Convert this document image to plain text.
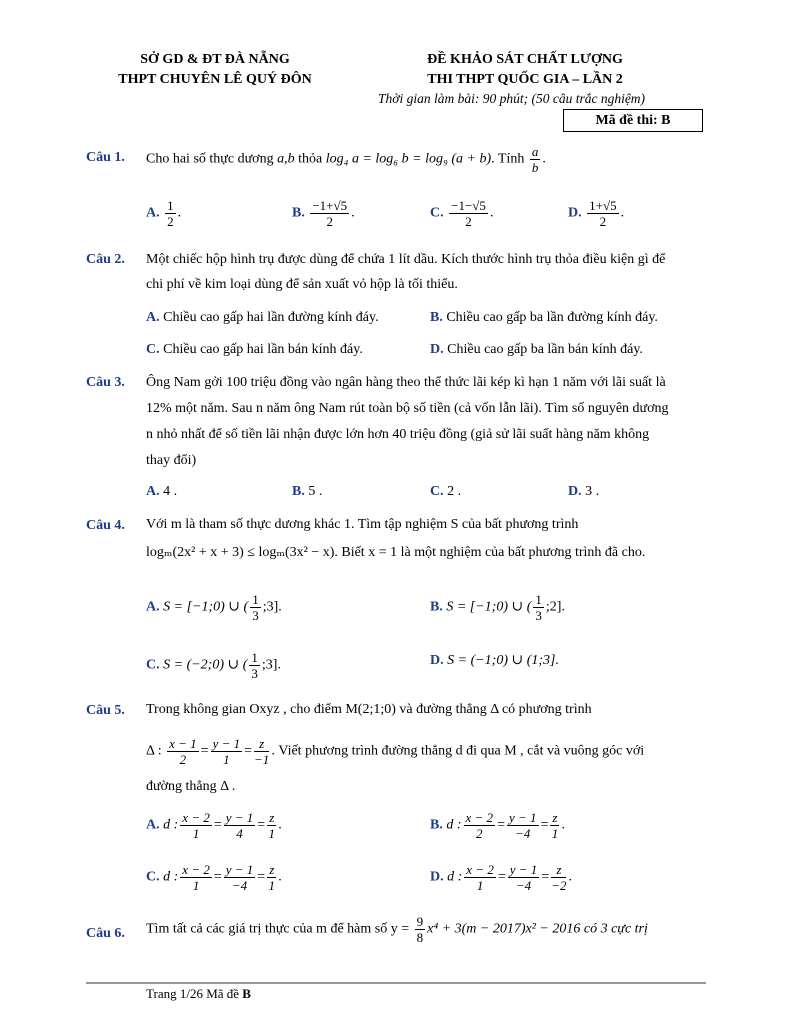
SỞ GD & ĐT ĐÀ NẴNG
THPT CHUYÊN LÊ QUÝ ĐÔN
ĐỀ KHẢO SÁT CHẤT LƯỢNG
THI THPT QUỐC GIA – LẦN 2
Thời gian làm bài: 90 phút; (50 câu trắc nghiệm)
Mã đề thi: B
Câu 1. Cho hai số thực dương a,b thỏa log₄ a = log₆ b = log₉ (a + b). Tính $\frac{a}{b}$ .
A. $\frac{1}{2}$ .	B. $\frac{-1+√5}{2}$ .	C. $\frac{-1-√5}{2}$ .	D. $\frac{1+√5}{2}$ .
Câu 2. Một chiếc hộp hình trụ được dùng để chứa 1 lít dầu. Kích thước hình trụ thỏa điều kiện gì để
chi phí về kim loại dùng để sản xuất vỏ hộp là tối thiểu.
A. Chiều cao gấp hai lần đường kính đáy.	B. Chiều cao gấp ba lần đường kính đáy.
C. Chiều cao gấp hai lần bán kính đáy.	D. Chiều cao gấp ba lần bán kính đáy.
Câu 3. Ông Nam gởi 100 triệu đồng vào ngân hàng theo thể thức lãi kép kì hạn 1 năm với lãi suất là
12% một năm. Sau n năm ông Nam rút toàn bộ số tiền (cả vốn lẫn lãi). Tìm số nguyên dương
n nhỏ nhất để số tiền lãi nhận được lớn hơn 40 triệu đồng (giả sử lãi suất hàng năm không
thay đổi)
A. 4 .	B. 5 .	C. 2 .	D. 3 .
Câu 4. Với m là tham số thực dương khác 1. Tìm tập nghiệm S của bất phương trình
logₘ(2x² + x + 3) ≤ logₘ(3x² − x). Biết x = 1 là một nghiệm của bất phương trình đã cho.
A. S = [−1;0) ∪ ( $\frac{1}{3}$ ;3].	B. S = [−1;0) ∪ ( $\frac{1}{3}$ ;2].
C. S = (−2;0) ∪ ( $\frac{1}{3}$ ;3].	D. S = (−1;0) ∪ (1;3].
Câu 5. Trong không gian Oxyz , cho điểm M(2;1;0) và đường thẳng Δ có phương trình
Δ : $\frac{x - 1}{2} = \frac{y - 1}{1} = \frac{z}{-1}$ . Viết phương trình đường thẳng d đi qua M , cắt và vuông góc với
đường thẳng Δ .
A. d : $\frac{x - 2}{1} = \frac{y - 1}{4} = \frac{z}{1}$ .	B. d : $\frac{x - 2}{2} = \frac{y - 1}{-4} = \frac{z}{1}$ .
C. d : $\frac{x - 2}{1} = \frac{y - 1}{-4} = \frac{z}{1}$ .	D. d : $\frac{x - 2}{1} = \frac{y - 1}{-4} = \frac{z}{-2}$ .
Câu 6. Tìm tất cả các giá trị thực của m để hàm số $y = \frac{9}{8} x^4 + 3(m - 2017)x^2 - 2016$ có 3 cực trị
Trang 1/26 Mã đề B
